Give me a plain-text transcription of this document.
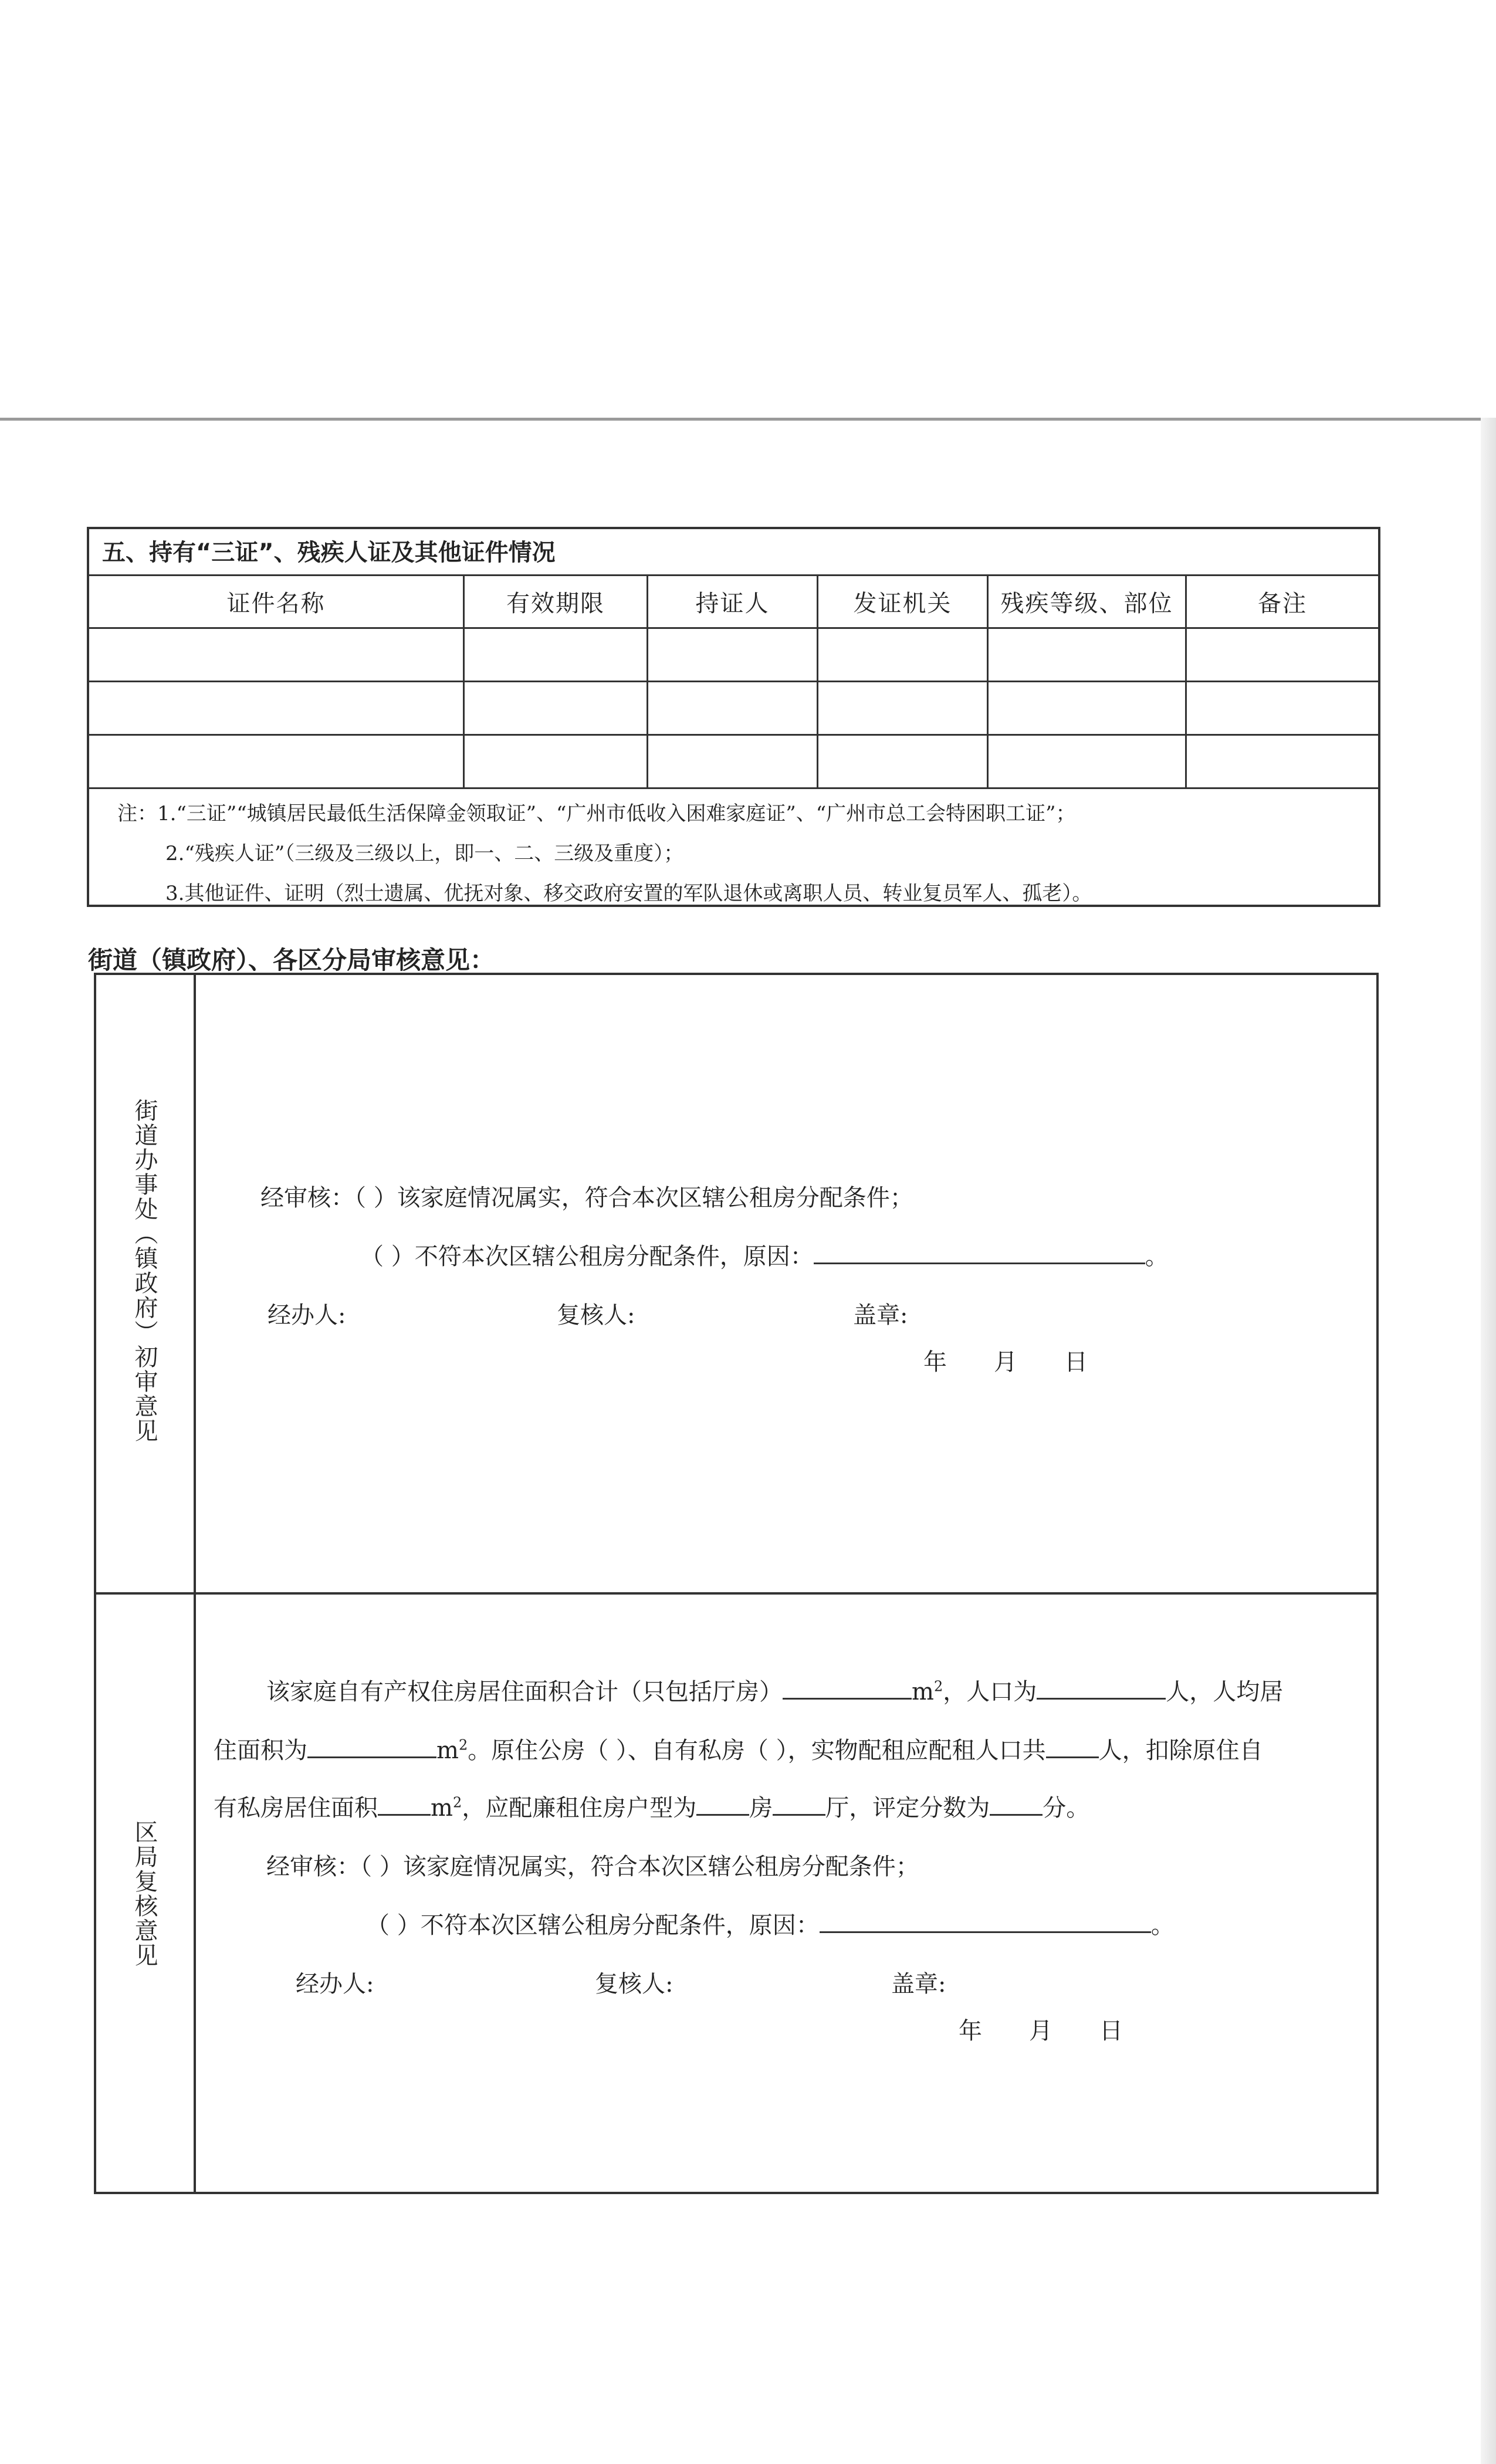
五、持有“三证”、残疾人证及其他证件情况
证件名称	有效期限	持证人	发证机关	残疾等级、部位	备注
注：1.“三证”“城镇居民最低生活保障金领取证”、“广州市低收入困难家庭证”、“广州市总工会特困职工证”；
2.“残疾人证”（三级及三级以上，即一、二、三级及重度）；
3.其他证件、证明（烈士遗属、优抚对象、移交政府安置的军队退休或离职人员、转业复员军人、孤老）。
街道（镇政府）、各区分局审核意见：
街道办事处（镇政府）初审意见	经审核：（ ）该家庭情况属实，符合本次区辖公租房分配条件；
（ ）不符本次区辖公租房分配条件，原因：	。
经办人:	复核人:	盖章:
年 月 日
区局复核意见
该家庭自有产权住房居住面积合计（只包括厅房）	$m^2$，人口为	人，人均居
住面积为	$m^2$。原住公房（ ）、自有私房（ ），实物配租应配租人口共 人，扣除原住自
有私房居住面积 $m^2$，应配廉租住房户型为 房 厅，评定分数为 分。
经审核：（ ）该家庭情况属实，符合本次区辖公租房分配条件；
（ ）不符本次区辖公租房分配条件，原因：	。
经办人:	复核人:	盖章:
年 月 日
